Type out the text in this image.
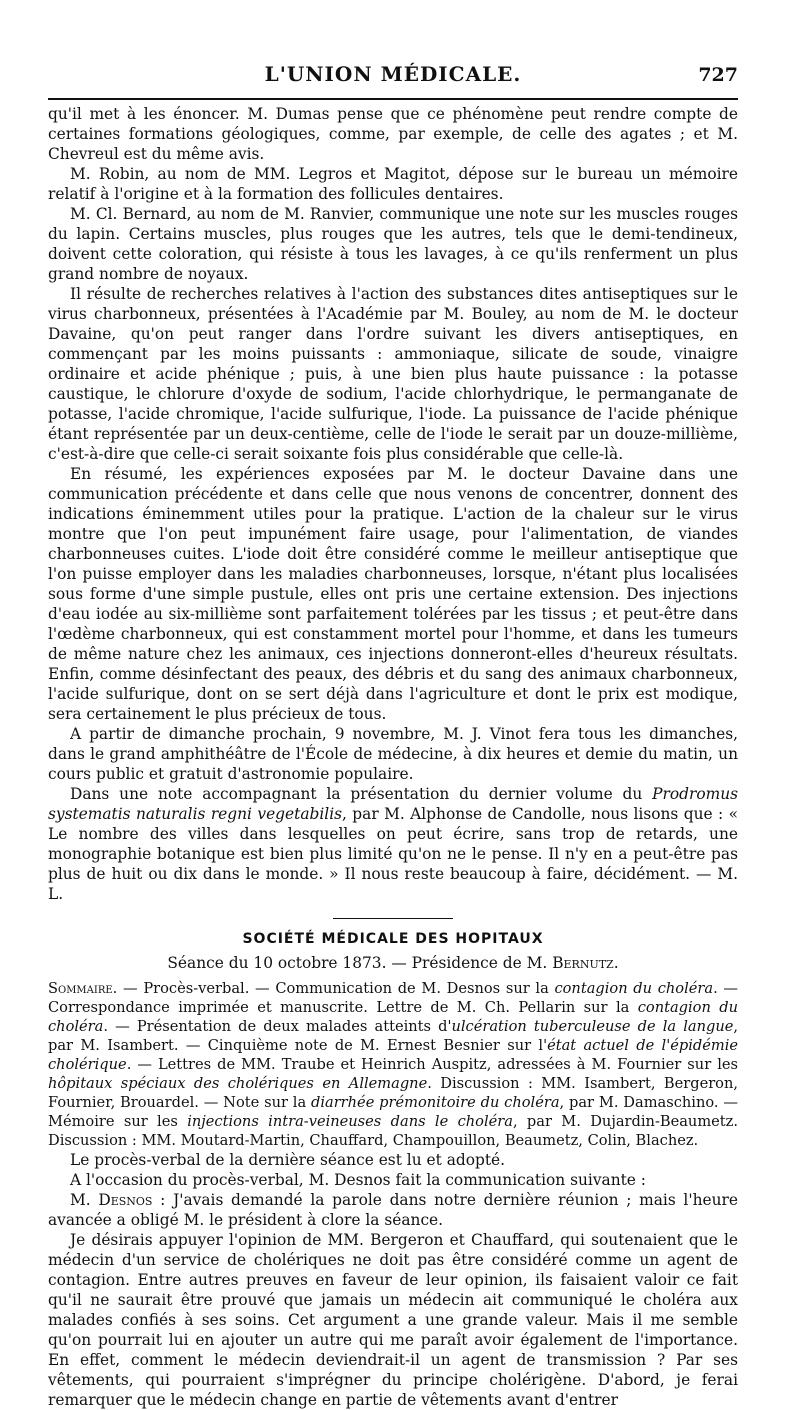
L'UNION MÉDICALE.	727

qu'il met à les énoncer. M. Dumas pense que ce phénomène peut rendre compte de certaines formations géologiques, comme, par exemple, de celle des agates ; et M. Chevreul est du même avis.

M. Robin, au nom de MM. Legros et Magitot, dépose sur le bureau un mémoire relatif à l'origine et à la formation des follicules dentaires.

M. Cl. Bernard, au nom de M. Ranvier, communique une note sur les muscles rouges du lapin. Certains muscles, plus rouges que les autres, tels que le demi-tendineux, doivent cette coloration, qui résiste à tous les lavages, à ce qu'ils renferment un plus grand nombre de noyaux.

Il résulte de recherches relatives à l'action des substances dites antiseptiques sur le virus charbonneux, présentées à l'Académie par M. Bouley, au nom de M. le docteur Davaine, qu'on peut ranger dans l'ordre suivant les divers antiseptiques, en commençant par les moins puissants : ammoniaque, silicate de soude, vinaigre ordinaire et acide phénique ; puis, à une bien plus haute puissance : la potasse caustique, le chlorure d'oxyde de sodium, l'acide chlorhydrique, le permanganate de potasse, l'acide chromique, l'acide sulfurique, l'iode. La puissance de l'acide phénique étant représentée par un deux-centième, celle de l'iode le serait par un douze-millième, c'est-à-dire que celle-ci serait soixante fois plus considérable que celle-là.

En résumé, les expériences exposées par M. le docteur Davaine dans une communication précédente et dans celle que nous venons de concentrer, donnent des indications éminemment utiles pour la pratique. L'action de la chaleur sur le virus montre que l'on peut impunément faire usage, pour l'alimentation, de viandes charbonneuses cuites. L'iode doit être considéré comme le meilleur antiseptique que l'on puisse employer dans les maladies charbonneuses, lorsque, n'étant plus localisées sous forme d'une simple pustule, elles ont pris une certaine extension. Des injections d'eau iodée au six-millième sont parfaitement tolérées par les tissus ; et peut-être dans l'œdème charbonneux, qui est constamment mortel pour l'homme, et dans les tumeurs de même nature chez les animaux, ces injections donneront-elles d'heureux résultats. Enfin, comme désinfectant des peaux, des débris et du sang des animaux charbonneux, l'acide sulfurique, dont on se sert déjà dans l'agriculture et dont le prix est modique, sera certainement le plus précieux de tous.

A partir de dimanche prochain, 9 novembre, M. J. Vinot fera tous les dimanches, dans le grand amphithéâtre de l'École de médecine, à dix heures et demie du matin, un cours public et gratuit d'astronomie populaire.

Dans une note accompagnant la présentation du dernier volume du Prodromus systematis naturalis regni vegetabilis, par M. Alphonse de Candolle, nous lisons que : « Le nombre des villes dans lesquelles on peut écrire, sans trop de retards, une monographie botanique est bien plus limité qu'on ne le pense. Il n'y en a peut-être pas plus de huit ou dix dans le monde. » Il nous reste beaucoup à faire, décidément. — M. L.

SOCIÉTÉ MÉDICALE DES HOPITAUX
Séance du 10 octobre 1873. — Présidence de M. Bernutz.

Sommaire. — Procès-verbal. — Communication de M. Desnos sur la contagion du choléra. — Correspondance imprimée et manuscrite. Lettre de M. Ch. Pellarin sur la contagion du choléra. — Présentation de deux malades atteints d'ulcération tuberculeuse de la langue, par M. Isambert. — Cinquième note de M. Ernest Besnier sur l'état actuel de l'épidémie cholérique. — Lettres de MM. Traube et Heinrich Auspitz, adressées à M. Fournier sur les hôpitaux spéciaux des cholériques en Allemagne. Discussion : MM. Isambert, Bergeron, Fournier, Brouardel. — Note sur la diarrhée prémonitoire du choléra, par M. Damaschino. — Mémoire sur les injections intra-veineuses dans le choléra, par M. Dujardin-Beaumetz. Discussion : MM. Moutard-Martin, Chauffard, Champouillon, Beaumetz, Colin, Blachez.

Le procès-verbal de la dernière séance est lu et adopté.

A l'occasion du procès-verbal, M. Desnos fait la communication suivante :

M. Desnos : J'avais demandé la parole dans notre dernière réunion ; mais l'heure avancée a obligé M. le président à clore la séance.

Je désirais appuyer l'opinion de MM. Bergeron et Chauffard, qui soutenaient que le médecin d'un service de cholériques ne doit pas être considéré comme un agent de contagion. Entre autres preuves en faveur de leur opinion, ils faisaient valoir ce fait qu'il ne saurait être prouvé que jamais un médecin ait communiqué le choléra aux malades confiés à ses soins. Cet argument a une grande valeur. Mais il me semble qu'on pourrait lui en ajouter un autre qui me paraît avoir également de l'importance. En effet, comment le médecin deviendrait-il un agent de transmission ? Par ses vêtements, qui pourraient s'imprégner du principe cholérigène. D'abord, je ferai remarquer que le médecin change en partie de vêtements avant d'entrer
